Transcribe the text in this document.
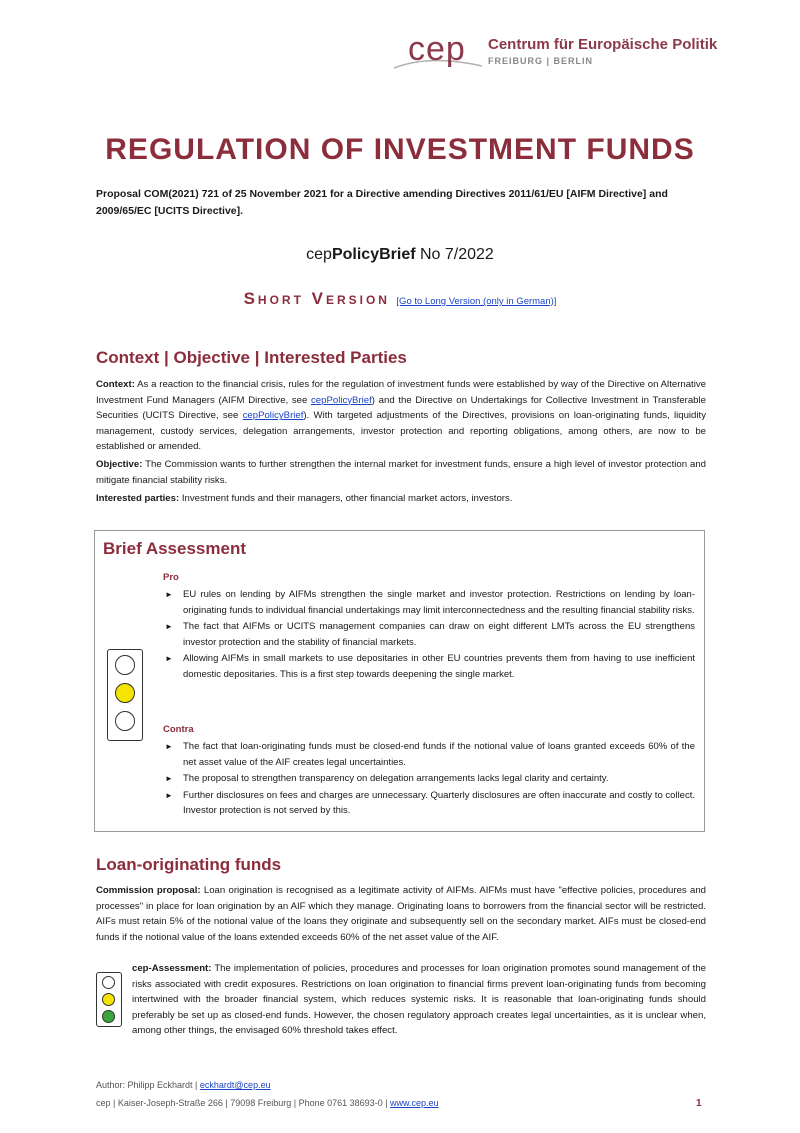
cep Centrum für Europäische Politik
FREIBURG | BERLIN
REGULATION OF INVESTMENT FUNDS

Proposal COM(2021) 721 of 25 November 2021 for a Directive amending Directives 2011/61/EU [AIFM Directive] and 2009/65/EC [UCITS Directive].

cepPolicyBrief No 7/2022
Short Version [Go to Long Version (only in German)]
Context | Objective | Interested Parties

Context: As a reaction to the financial crisis, rules for the regulation of investment funds were established by way of the Directive on Alternative Investment Fund Managers (AIFM Directive, see cepPolicyBrief) and the Directive on Undertakings for Collective Investment in Transferable Securities (UCITS Directive, see cepPolicyBrief). With targeted adjustments of the Directives, provisions on loan-originating funds, liquidity management, custody services, delegation arrangements, investor protection and reporting obligations, among others, are now to be established or amended.

Objective: The Commission wants to further strengthen the internal market for investment funds, ensure a high level of investor protection and mitigate financial stability risks.

Interested parties: Investment funds and their managers, other financial market actors, investors.

Brief Assessment
Pro
► EU rules on lending by AIFMs strengthen the single market and investor protection. Restrictions on lending by loan-originating funds to individual financial undertakings may limit interconnectedness and the resulting financial stability risks.
► The fact that AIFMs or UCITS management companies can draw on eight different LMTs across the EU strengthens investor protection and the stability of financial markets.
► Allowing AIFMs in small markets to use depositaries in other EU countries prevents them from having to use inefficient domestic depositaries. This is a first step towards deepening the single market.
Contra
► The fact that loan-originating funds must be closed-end funds if the notional value of loans granted exceeds 60% of the net asset value of the AIF creates legal uncertainties.
► The proposal to strengthen transparency on delegation arrangements lacks legal clarity and certainty.
► Further disclosures on fees and charges are unnecessary. Quarterly disclosures are often inaccurate and costly to collect. Investor protection is not served by this.
Loan-originating funds

Commission proposal: Loan origination is recognised as a legitimate activity of AIFMs. AIFMs must have "effective policies, procedures and processes" in place for loan origination by an AIF which they manage. Originating loans to borrowers from the financial sector will be restricted. AIFs must retain 5% of the notional value of the loans they originate and subsequently sell on the secondary market. AIFs must be closed-end funds if the notional value of the loans extended exceeds 60% of the net asset value of the AIF.

cep-Assessment: The implementation of policies, procedures and processes for loan origination promotes sound management of the risks associated with credit exposures. Restrictions on loan origination to financial firms prevent loan-originating funds from becoming intertwined with the broader financial system, which reduces systemic risks. It is reasonable that loan-originating funds should preferably be set up as closed-end funds. However, the chosen regulatory approach creates legal uncertainties, as it is unclear when, among other things, the envisaged 60% threshold takes effect.

Author: Philipp Eckhardt | eckhardt@cep.eu
cep | Kaiser-Joseph-Straße 266 | 79098 Freiburg | Phone 0761 38693-0 | www.cep.eu	1
